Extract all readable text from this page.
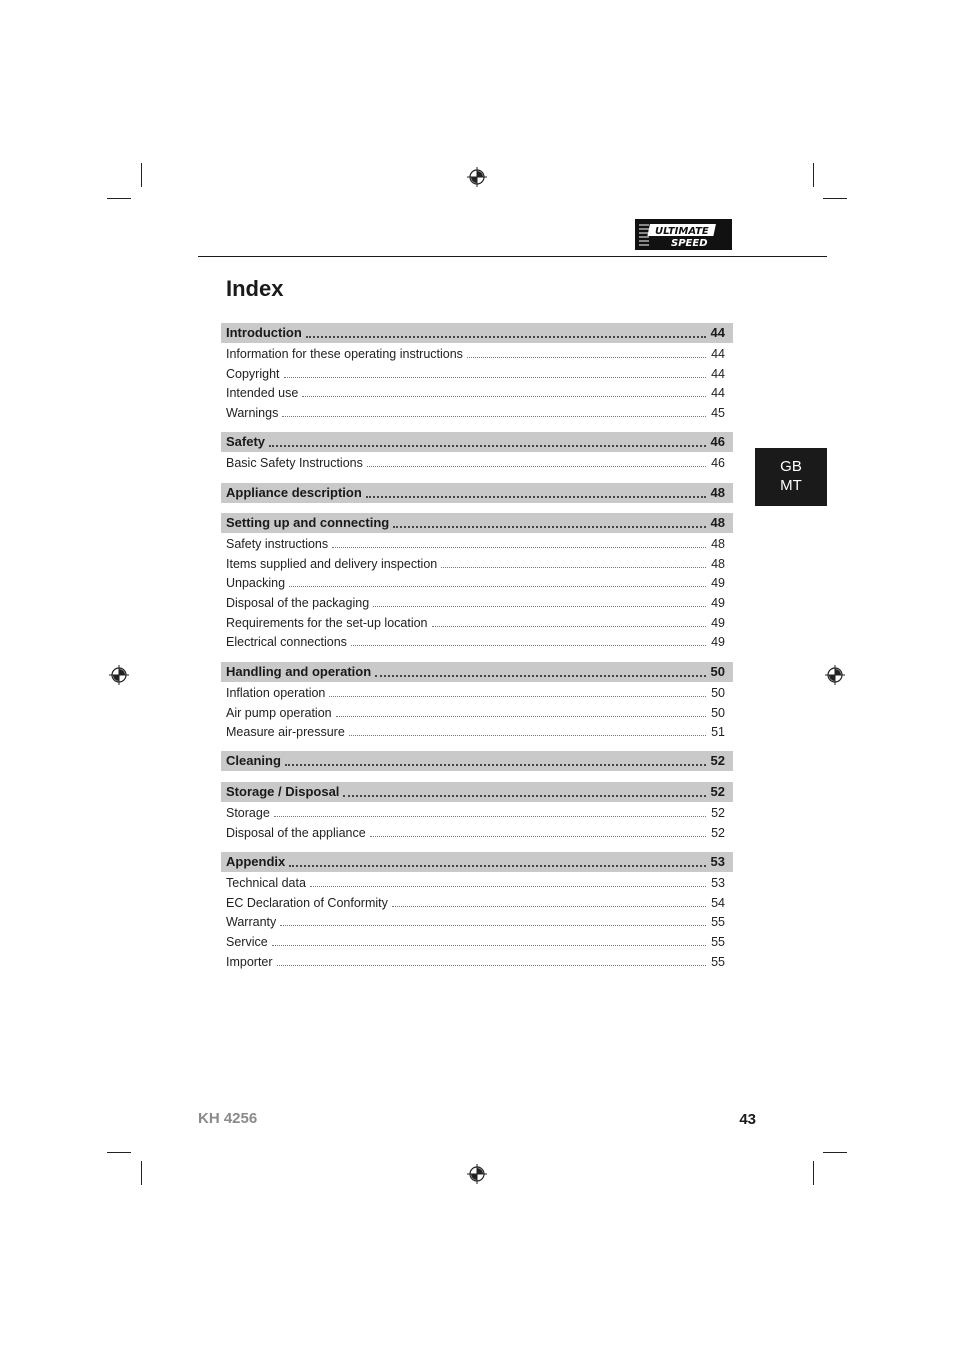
ULTIMATE
SPEED
Index
GB
MT
Introduction	44
Information for these operating instructions	44
Copyright	44
Intended use	44
Warnings	45
Safety	46
Basic Safety Instructions	46
Appliance description	48
Setting up and connecting	48
Safety instructions	48
Items supplied and delivery inspection	48
Unpacking	49
Disposal of the packaging	49
Requirements for the set-up location	49
Electrical connections	49
Handling and operation	50
Inflation operation	50
Air pump operation	50
Measure air-pressure	51
Cleaning	52
Storage / Disposal	52
Storage	52
Disposal of the appliance	52
Appendix	53
Technical data	53
EC Declaration of Conformity	54
Warranty	55
Service	55
Importer	55
KH 4256	43
